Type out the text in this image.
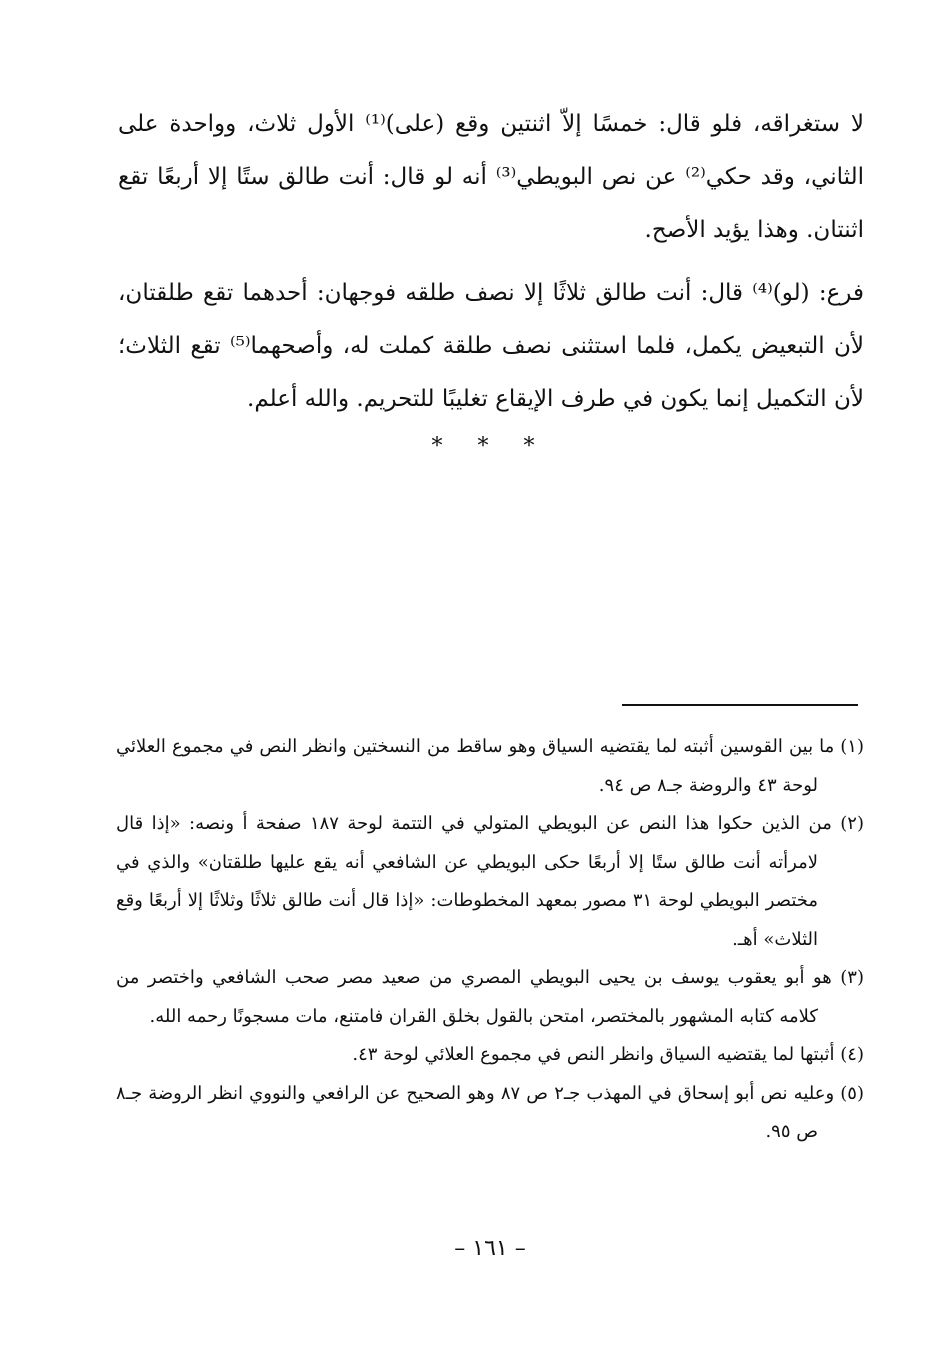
لا ستغراقه، فلو قال: خمسًا إلاّ اثنتين وقع (على)⁽¹⁾ الأول ثلاث، وواحدة على الثاني، وقد حكي⁽²⁾ عن نص البويطي⁽³⁾ أنه لو قال: أنت طالق ستًا إلا أربعًا تقع اثنتان. وهذا يؤيد الأصح.

فرع: (لو)⁽⁴⁾ قال: أنت طالق ثلاثًا إلا نصف طلقه فوجهان: أحدهما تقع طلقتان، لأن التبعيض يكمل، فلما استثنى نصف طلقة كملت له، وأصحهما⁽⁵⁾ تقع الثلاث؛ لأن التكميل إنما يكون في طرف الإيقاع تغليبًا للتحريم. والله أعلم.

* * *

(١) ما بين القوسين أثبته لما يقتضيه السياق وهو ساقط من النسختين وانظر النص في مجموع العلائي لوحة ٤٣ والروضة جـ٨ ص ٩٤.

(٢) من الذين حكوا هذا النص عن البويطي المتولي في التتمة لوحة ١٨٧ صفحة أ ونصه: «إذا قال لامرأته أنت طالق ستًا إلا أربعًا حكى البويطي عن الشافعي أنه يقع عليها طلقتان» والذي في مختصر البويطي لوحة ٣١ مصور بمعهد المخطوطات: «إذا قال أنت طالق ثلاثًا وثلاثًا إلا أربعًا وقع الثلاث» أهـ.

(٣) هو أبو يعقوب يوسف بن يحيى البويطي المصري من صعيد مصر صحب الشافعي واختصر من كلامه كتابه المشهور بالمختصر، امتحن بالقول بخلق القران فامتنع، مات مسجونًا رحمه الله.

(٤) أثبتها لما يقتضيه السياق وانظر النص في مجموع العلائي لوحة ٤٣.

(٥) وعليه نص أبو إسحاق في المهذب جـ٢ ص ٨٧ وهو الصحيح عن الرافعي والنووي انظر الروضة جـ٨ ص ٩٥.

– ١٦١ –
